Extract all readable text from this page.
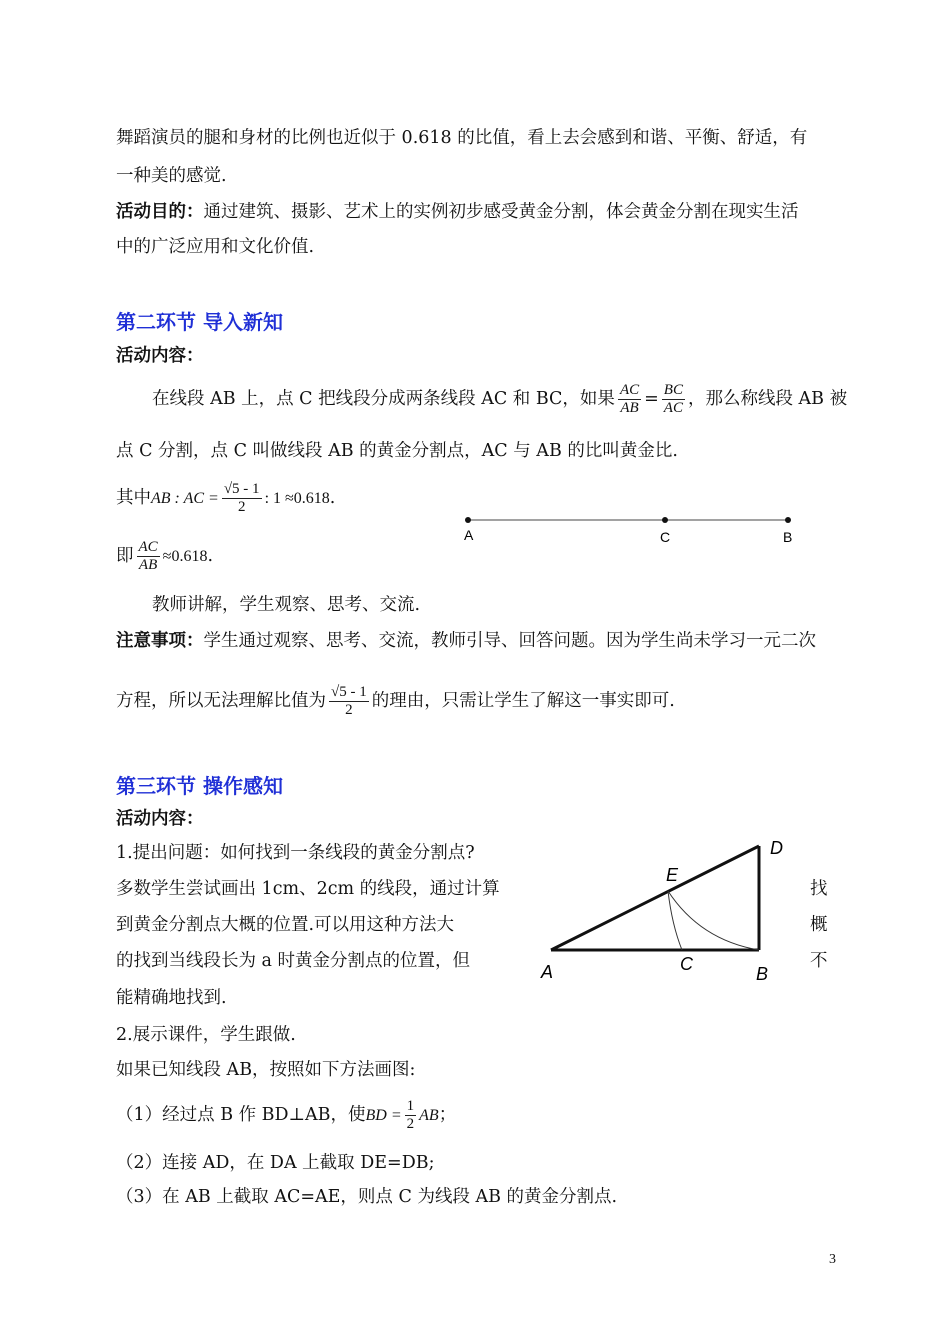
舞蹈演员的腿和身材的比例也近似于 0.618 的比值，看上去会感到和谐、平衡、舒适，有
一种美的感觉.
活动目的：通过建筑、摄影、艺术上的实例初步感受黄金分割，体会黄金分割在现实生活
中的广泛应用和文化价值.
第二环节 导入新知
活动内容：
在线段 AB 上，点 C 把线段分成两条线段 AC 和 BC，如果 $\frac{AC}{AB} = \frac{BC}{AC}$ ，那么称线段 AB 被
点 C 分割，点 C 叫做线段 AB 的黄金分割点，AC 与 AB 的比叫黄金比.
其中AB : AC = $\frac{√5 - 1}{2}$ : 1 ≈0.618.
即 $\frac{AC}{AB} \approx 0.618$.
A	C	B
教师讲解，学生观察、思考、交流.
注意事项：学生通过观察、思考、交流，教师引导、回答问题。因为学生尚未学习一元二次
方程，所以无法理解比值为 $\frac{√5 - 1}{2}$ 的理由，只需让学生了解这一事实即可.
第三环节 操作感知
活动内容：
1.提出问题：如何找到一条线段的黄金分割点?
多数学生尝试画出 1cm、2cm 的线段，通过计算	找
到黄金分割点大概的位置.可以用这种方法大	概
的找到当线段长为 a 时黄金分割点的位置，但	不
能精确地找到.
2.展示课件，学生跟做.
如果已知线段 AB，按照如下方法画图:
A	C	B
D
E
（1）经过点 B 作 BD⊥AB，使BD = $\frac{1}{2}$ AB；
（2）连接 AD，在 DA 上截取 DE=DB;
（3）在 AB 上截取 AC=AE，则点 C 为线段 AB 的黄金分割点.
3
